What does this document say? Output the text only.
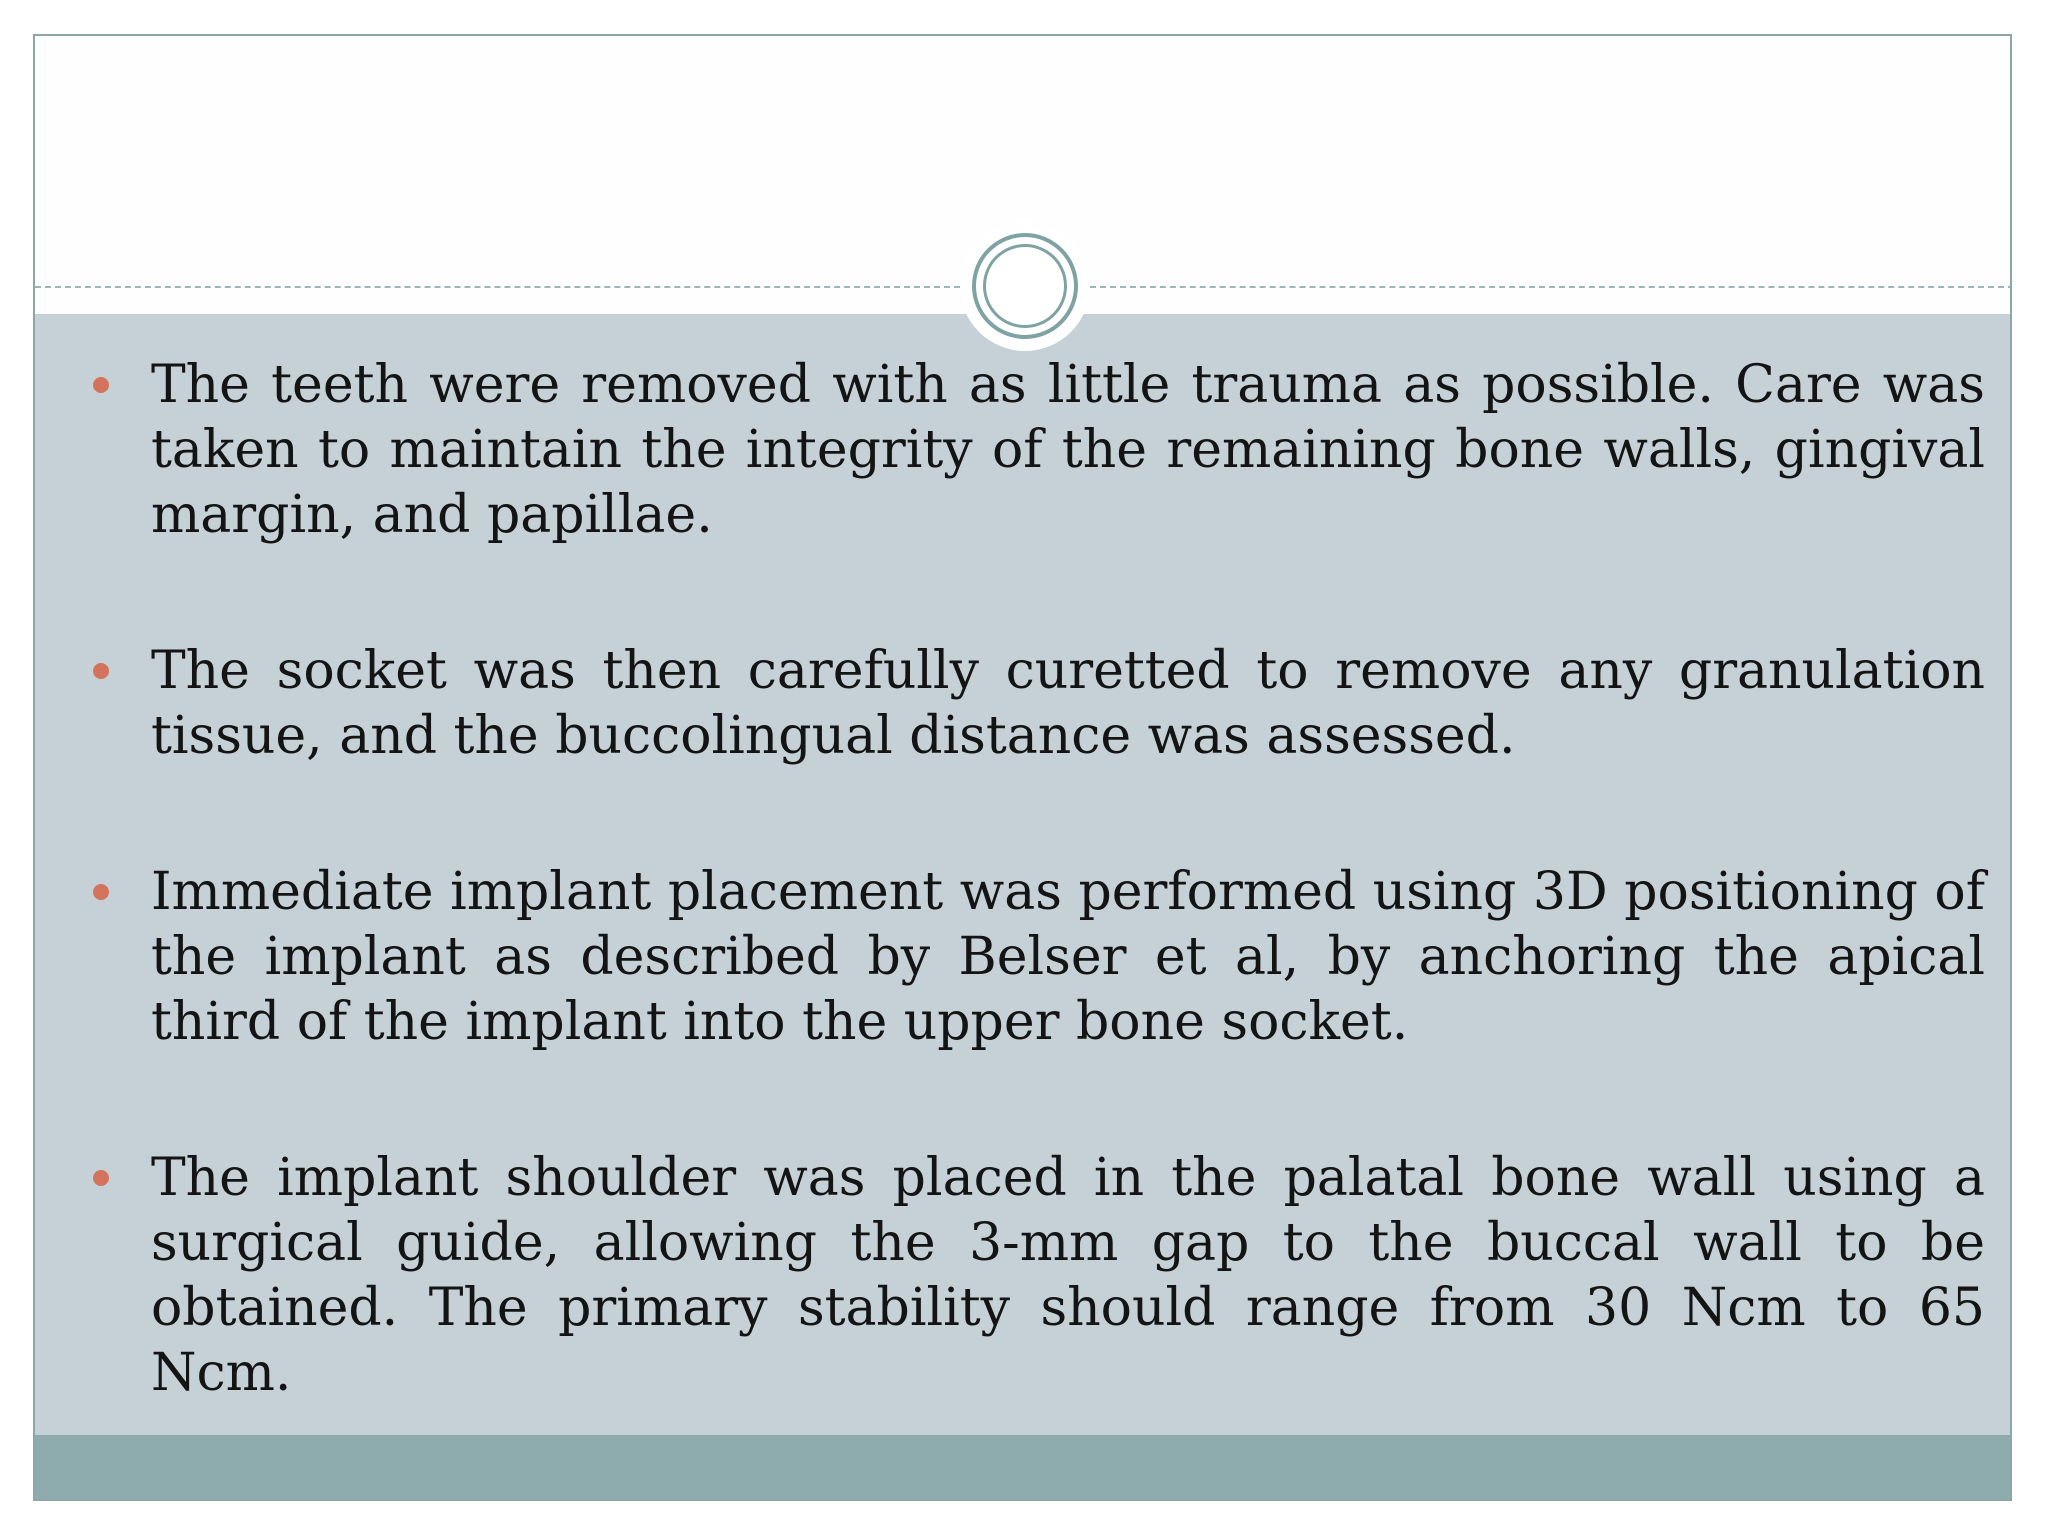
The teeth were removed with as little trauma as possible. Care was taken to maintain the integrity of the remaining bone walls, gingival margin, and papillae.
The socket was then carefully curetted to remove any granulation tissue, and the buccolingual distance was assessed.
Immediate implant placement was performed using 3D positioning of the implant as described by Belser et al, by anchoring the apical third of the implant into the upper bone socket.
The implant shoulder was placed in the palatal bone wall using a surgical guide, allowing the 3-mm gap to the buccal wall to be obtained. The primary stability should range from 30 Ncm to 65 Ncm.
